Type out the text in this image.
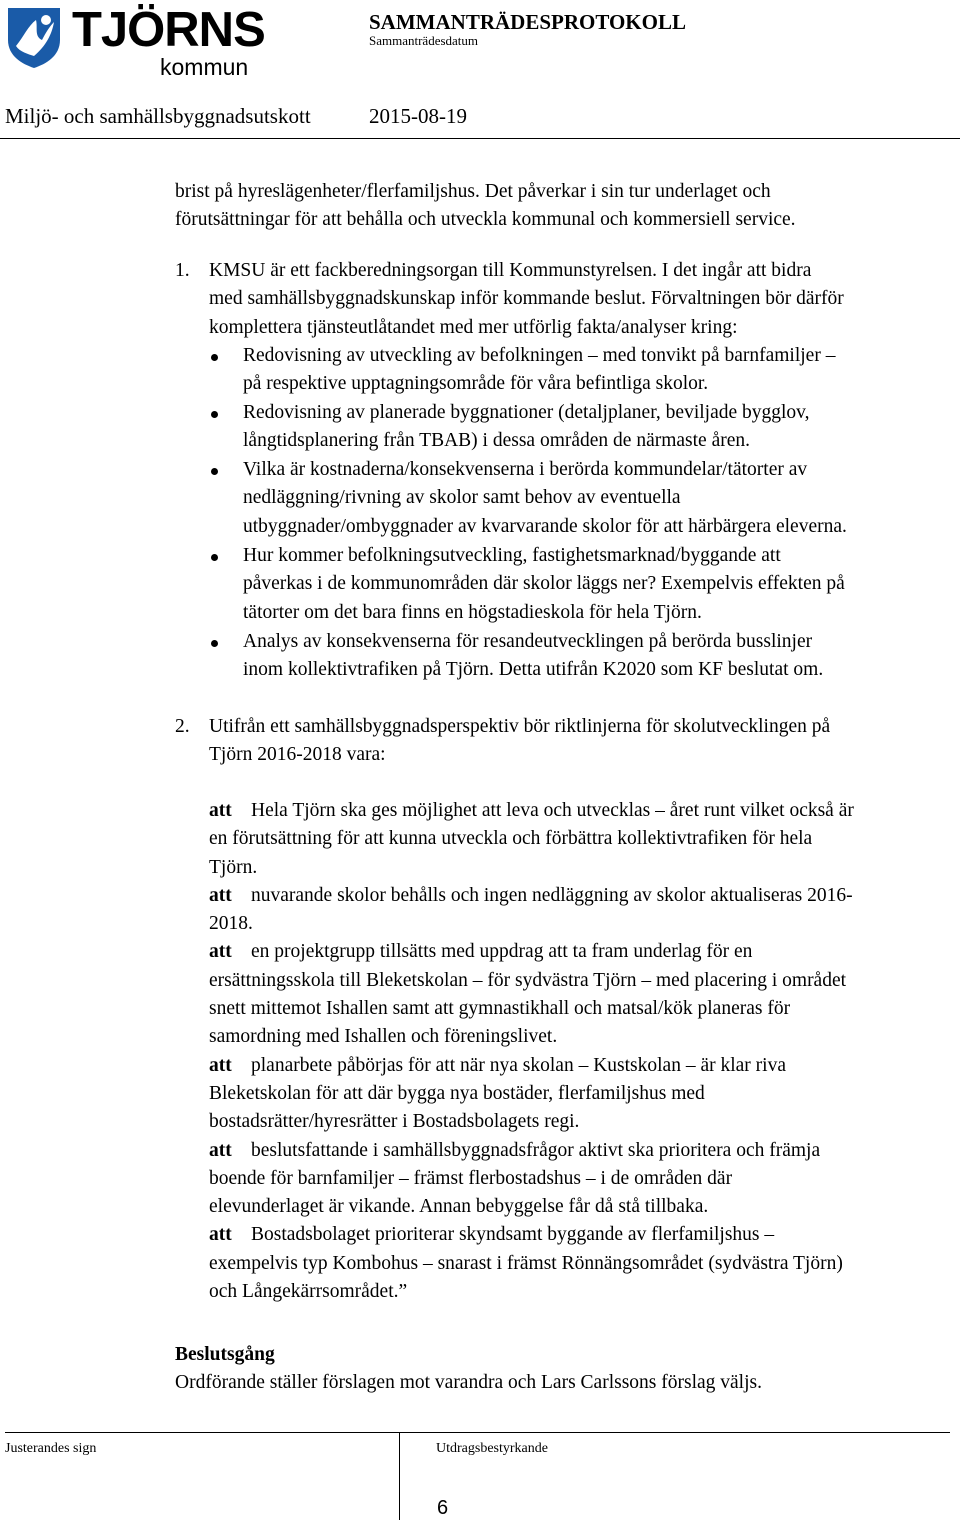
TJÖRNS
kommun
SAMMANTRÄDESPROTOKOLL
Sammanträdesdatum
Miljö- och samhällsbyggnadsutskott	2015-08-19
brist på hyreslägenheter/flerfamiljshus. Det påverkar i sin tur underlaget och
förutsättningar för att behålla och utveckla kommunal och kommersiell service.
1. KMSU är ett fackberedningsorgan till Kommunstyrelsen. I det ingår att bidra
med samhällsbyggnadskunskap inför kommande beslut. Förvaltningen bör därför
komplettera tjänsteutlåtandet med mer utförlig fakta/analyser kring:
Redovisning av utveckling av befolkningen – med tonvikt på barnfamiljer –
på respektive upptagningsområde för våra befintliga skolor.
Redovisning av planerade byggnationer (detaljplaner, beviljade bygglov,
långtidsplanering från TBAB) i dessa områden de närmaste åren.
Vilka är kostnaderna/konsekvenserna i berörda kommundelar/tätorter av
nedläggning/rivning av skolor samt behov av eventuella
utbyggnader/ombyggnader av kvarvarande skolor för att härbärgera eleverna.
Hur kommer befolkningsutveckling, fastighetsmarknad/byggande att
påverkas i de kommunområden där skolor läggs ner? Exempelvis effekten på
tätorter om det bara finns en högstadieskola för hela Tjörn.
Analys av konsekvenserna för resandeutvecklingen på berörda busslinjer
inom kollektivtrafiken på Tjörn. Detta utifrån K2020 som KF beslutat om.
2. Utifrån ett samhällsbyggnadsperspektiv bör riktlinjerna för skolutvecklingen på
Tjörn 2016-2018 vara:
att Hela Tjörn ska ges möjlighet att leva och utvecklas – året runt vilket också är
en förutsättning för att kunna utveckla och förbättra kollektivtrafiken för hela
Tjörn.
att nuvarande skolor behålls och ingen nedläggning av skolor aktualiseras 2016-
2018.
att en projektgrupp tillsätts med uppdrag att ta fram underlag för en
ersättningsskola till Bleketskolan – för sydvästra Tjörn – med placering i området
snett mittemot Ishallen samt att gymnastikhall och matsal/kök planeras för
samordning med Ishallen och föreningslivet.
att planarbete påbörjas för att när nya skolan – Kustskolan – är klar riva
Bleketskolan för att där bygga nya bostäder, flerfamiljshus med
bostadsrätter/hyresrätter i Bostadsbolagets regi.
att beslutsfattande i samhällsbyggnadsfrågor aktivt ska prioritera och främja
boende för barnfamiljer – främst flerbostadshus – i de områden där
elevunderlaget är vikande. Annan bebyggelse får då stå tillbaka.
att Bostadsbolaget prioriterar skyndsamt byggande av flerfamiljshus –
exempelvis typ Kombohus – snarast i främst Rönnängsområdet (sydvästra Tjörn)
och Långekärrsområdet.”
Beslutsgång
Ordförande ställer förslagen mot varandra och Lars Carlssons förslag väljs.
Justerandes sign	Utdragsbestyrkande
6
